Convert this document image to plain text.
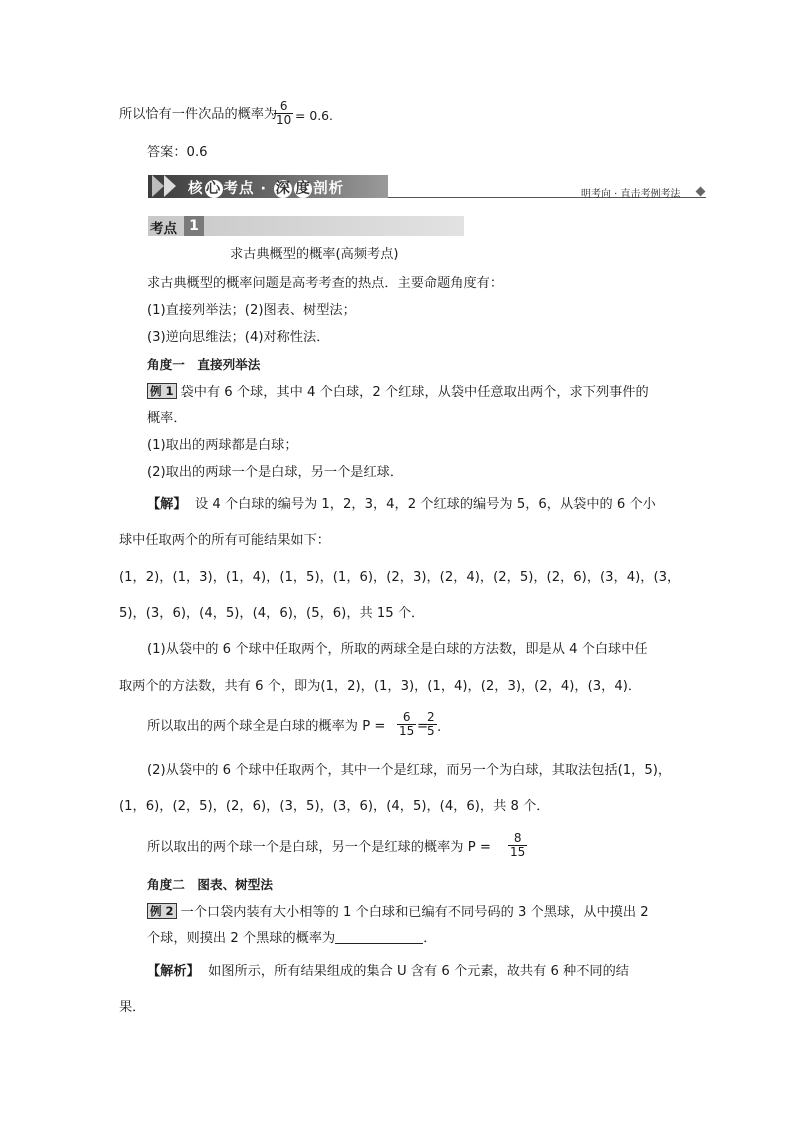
所以恰有一件次品的概率为
$\frac{6}{10} = 0.6$.
答案：0.6
核 心 考点 · 深 度 剖析	明考向 · 直击考例考法
考点 1
求古典概型的概率(高频考点)
求古典概型的概率问题是高考考查的热点．主要命题角度有：
(1)直接列举法；(2)图表、树型法；
(3)逆向思维法；(4)对称性法．
角度一　直接列举法
例 1 袋中有 6 个球，其中 4 个白球，2 个红球，从袋中任意取出两个，求下列事件的
概率．
(1)取出的两球都是白球；
(2)取出的两球一个是白球，另一个是红球．
【解】 设 4 个白球的编号为 1，2，3，4，2 个红球的编号为 5，6，从袋中的 6 个小
球中任取两个的所有可能结果如下：
(1，2)，(1，3)，(1，4)，(1，5)，(1，6)，(2，3)，(2，4)，(2，5)，(2，6)，(3，4)，(3，
5)，(3，6)，(4，5)，(4，6)，(5，6)，共 15 个．
(1)从袋中的 6 个球中任取两个，所取的两球全是白球的方法数，即是从 4 个白球中任
取两个的方法数，共有 6 个，即为(1，2)，(1，3)，(1，4)，(2，3)，(2，4)，(3，4)．
所以取出的两个球全是白球的概率为 $P = \frac{6}{15}$ =
$\frac{2}{5}$ .
(2)从袋中的 6 个球中任取两个，其中一个是红球，而另一个为白球，其取法包括(1，5)，
(1，6)，(2，5)，(2，6)，(3，5)，(3，6)，(4，5)，(4，6)，共 8 个．
所以取出的两个球一个是白球，另一个是红球的概率为 $P = \frac{8}{15}$
角度二　图表、树型法
例 2 一个口袋内装有大小相等的 1 个白球和已编有不同号码的 3 个黑球，从中摸出 2
个球，则摸出 2 个黑球的概率为	．
【解析】 如图所示，所有结果组成的集合 U 含有 6 个元素，故共有 6 种不同的结
果．
